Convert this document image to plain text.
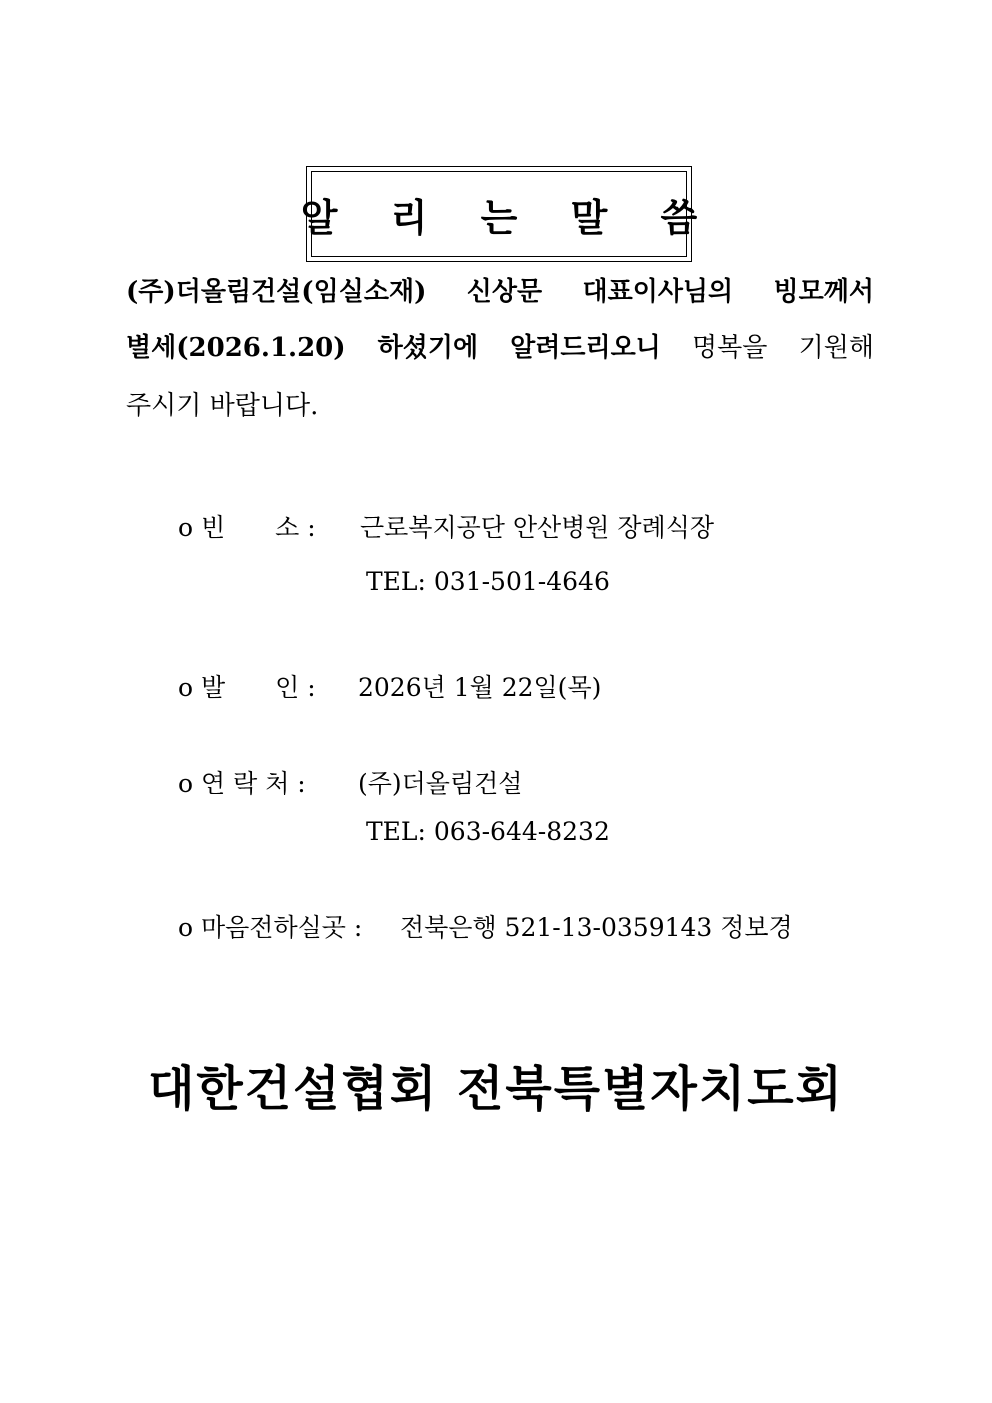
알 리 는 말 씀
(주)더올림건설(임실소재) 신상문 대표이사님의 빙모께서
별세(2026.1.20) 하셨기에 알려드리오니 명복을 기원해
주시기 바랍니다.
o 빈　　소 : 근로복지공단 안산병원 장례식장
TEL: 031-501-4646
o 발　　인 : 2026년 1월 22일(목)
o 연 락 처 : (주)더올림건설
TEL: 063-644-8232
o 마음전하실곳 : 전북은행 521-13-0359143 정보경
대한건설협회 전북특별자치도회
